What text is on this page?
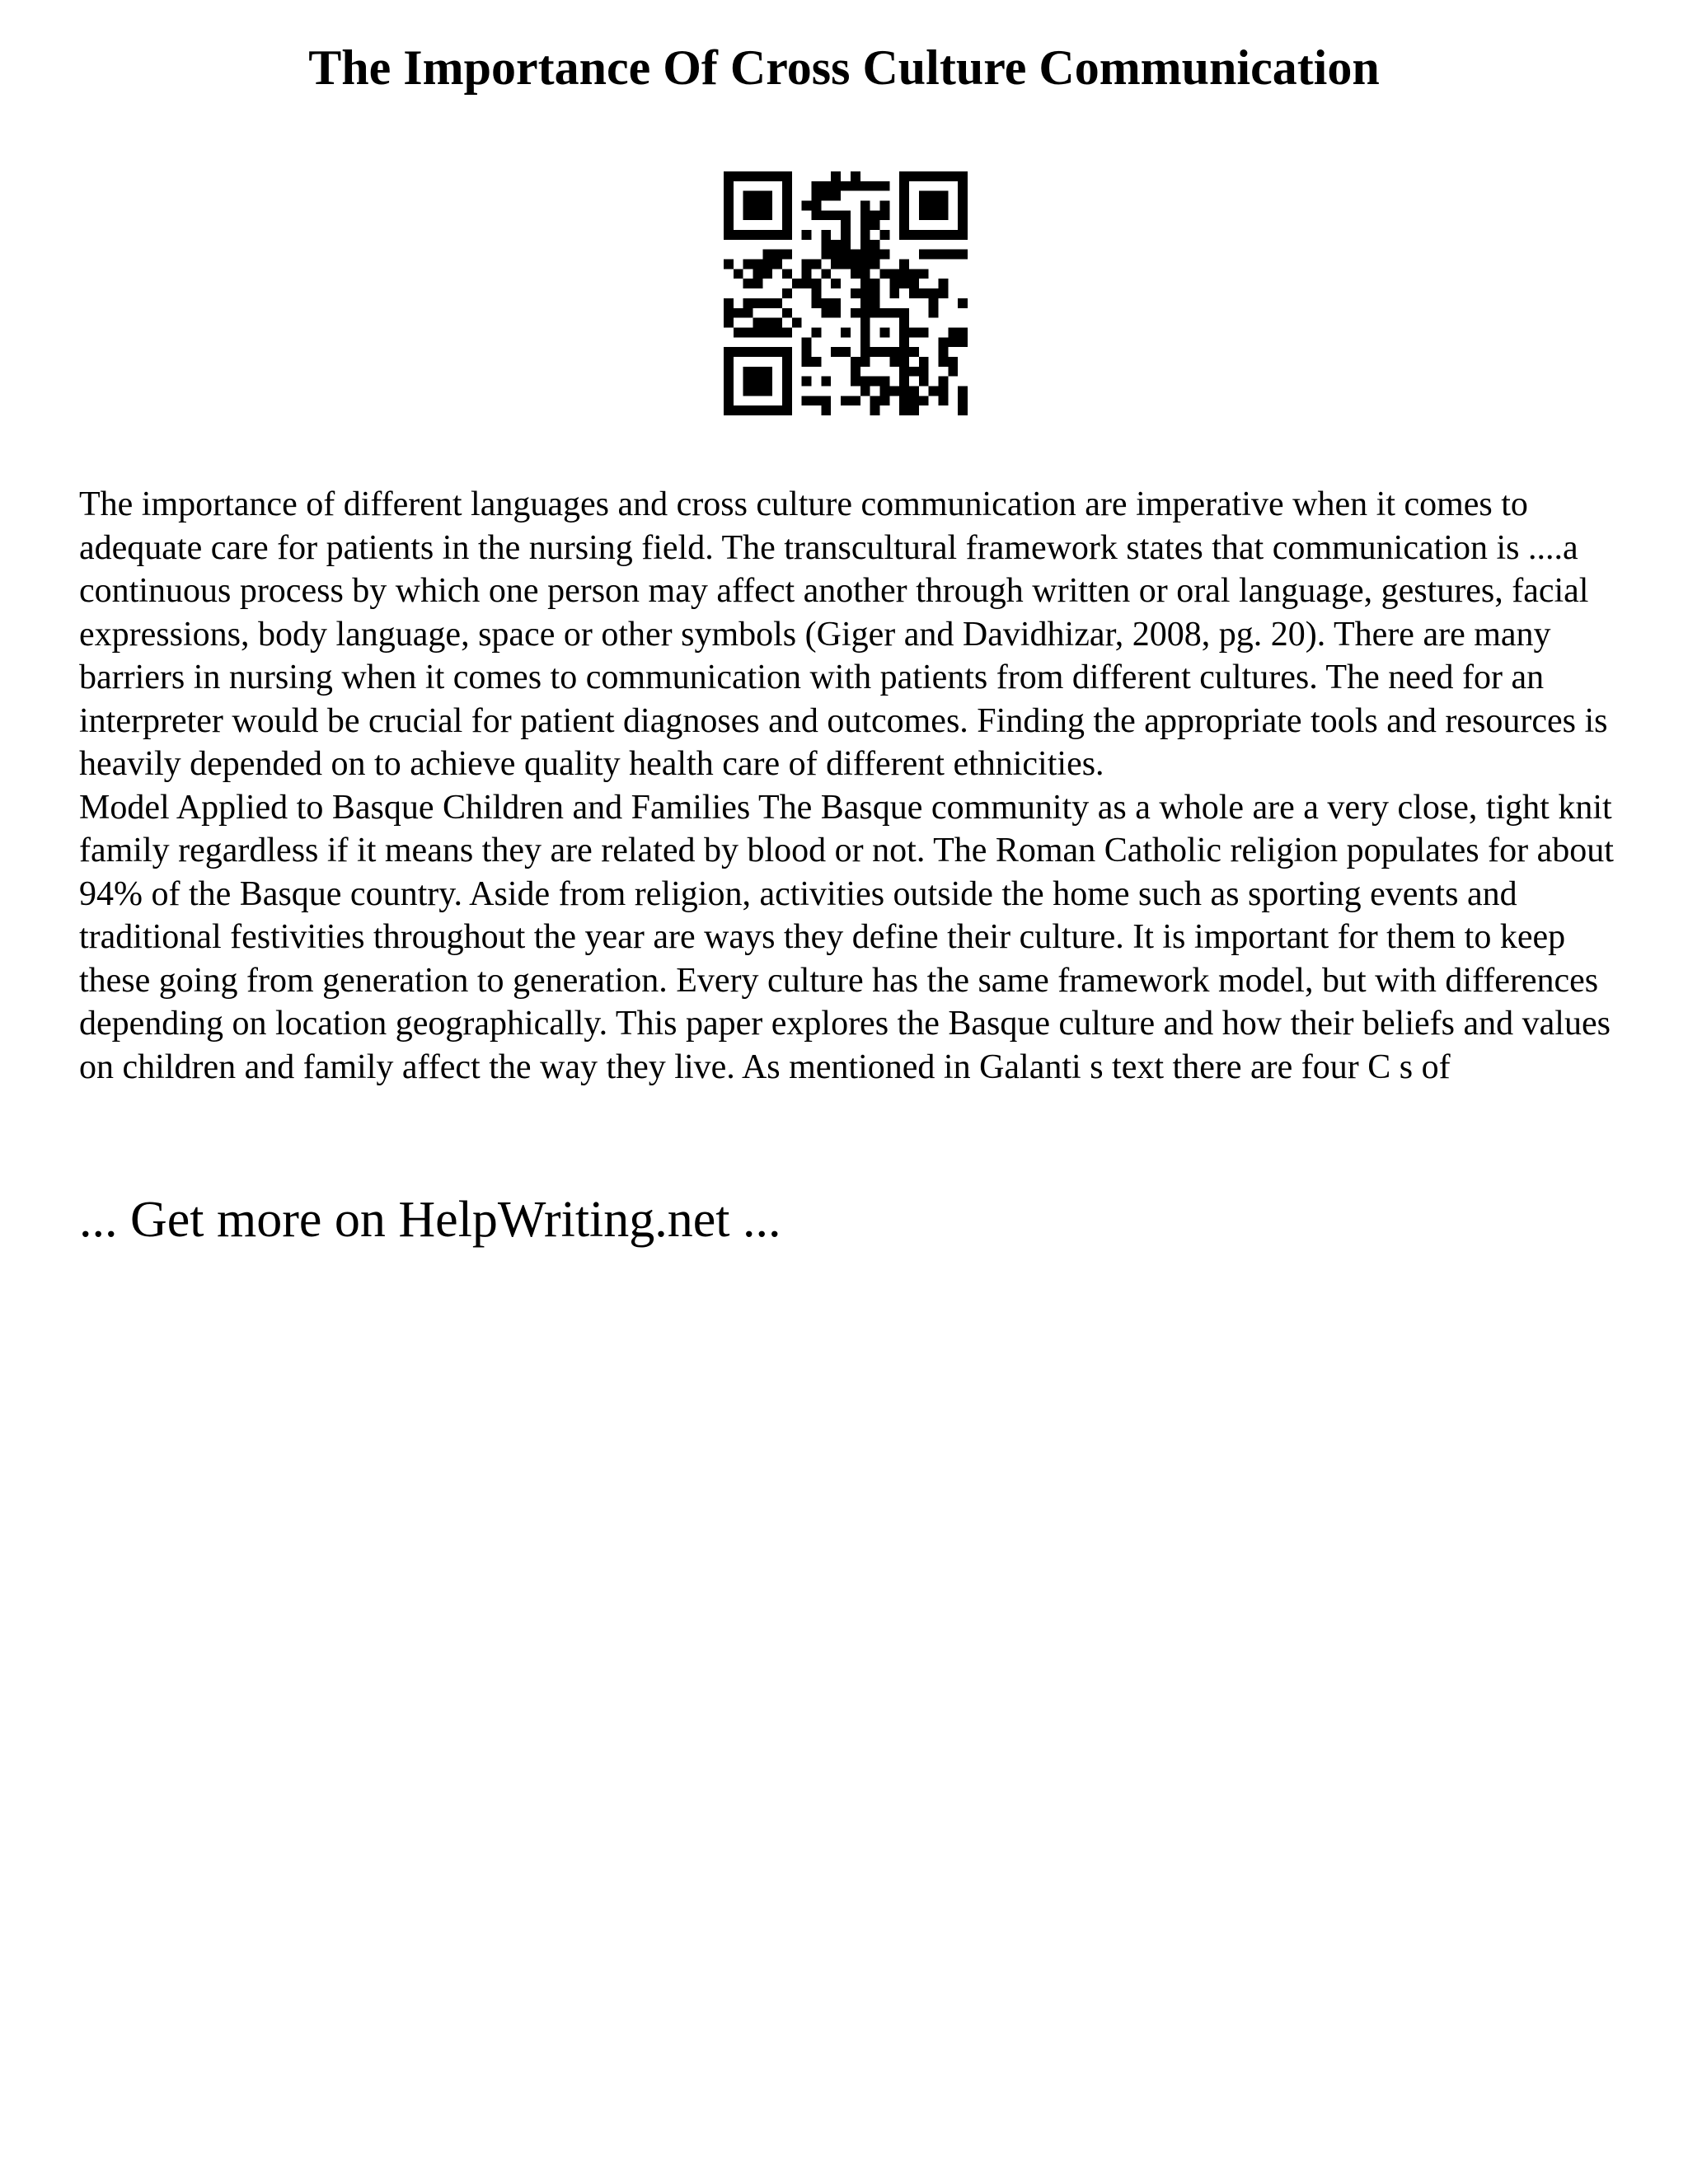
The Importance Of Cross Culture Communication

The importance of different languages and cross culture communication are imperative when it comes to adequate care for patients in the nursing field. The transcultural framework states that communication is ....a continuous process by which one person may affect another through written or oral language, gestures, facial expressions, body language, space or other symbols (Giger and Davidhizar, 2008, pg. 20). There are many barriers in nursing when it comes to communication with patients from different cultures. The need for an interpreter would be crucial for patient diagnoses and outcomes. Finding the appropriate tools and resources is heavily depended on to achieve quality health care of different ethnicities.

Model Applied to Basque Children and Families The Basque community as a whole are a very close, tight knit family regardless if it means they are related by blood or not. The Roman Catholic religion populates for about 94% of the Basque country. Aside from religion, activities outside the home such as sporting events and traditional festivities throughout the year are ways they define their culture. It is important for them to keep these going from generation to generation. Every culture has the same framework model, but with differences depending on location geographically. This paper explores the Basque culture and how their beliefs and values on children and family affect the way they live. As mentioned in Galanti s text there are four C s of

... Get more on HelpWriting.net ...
